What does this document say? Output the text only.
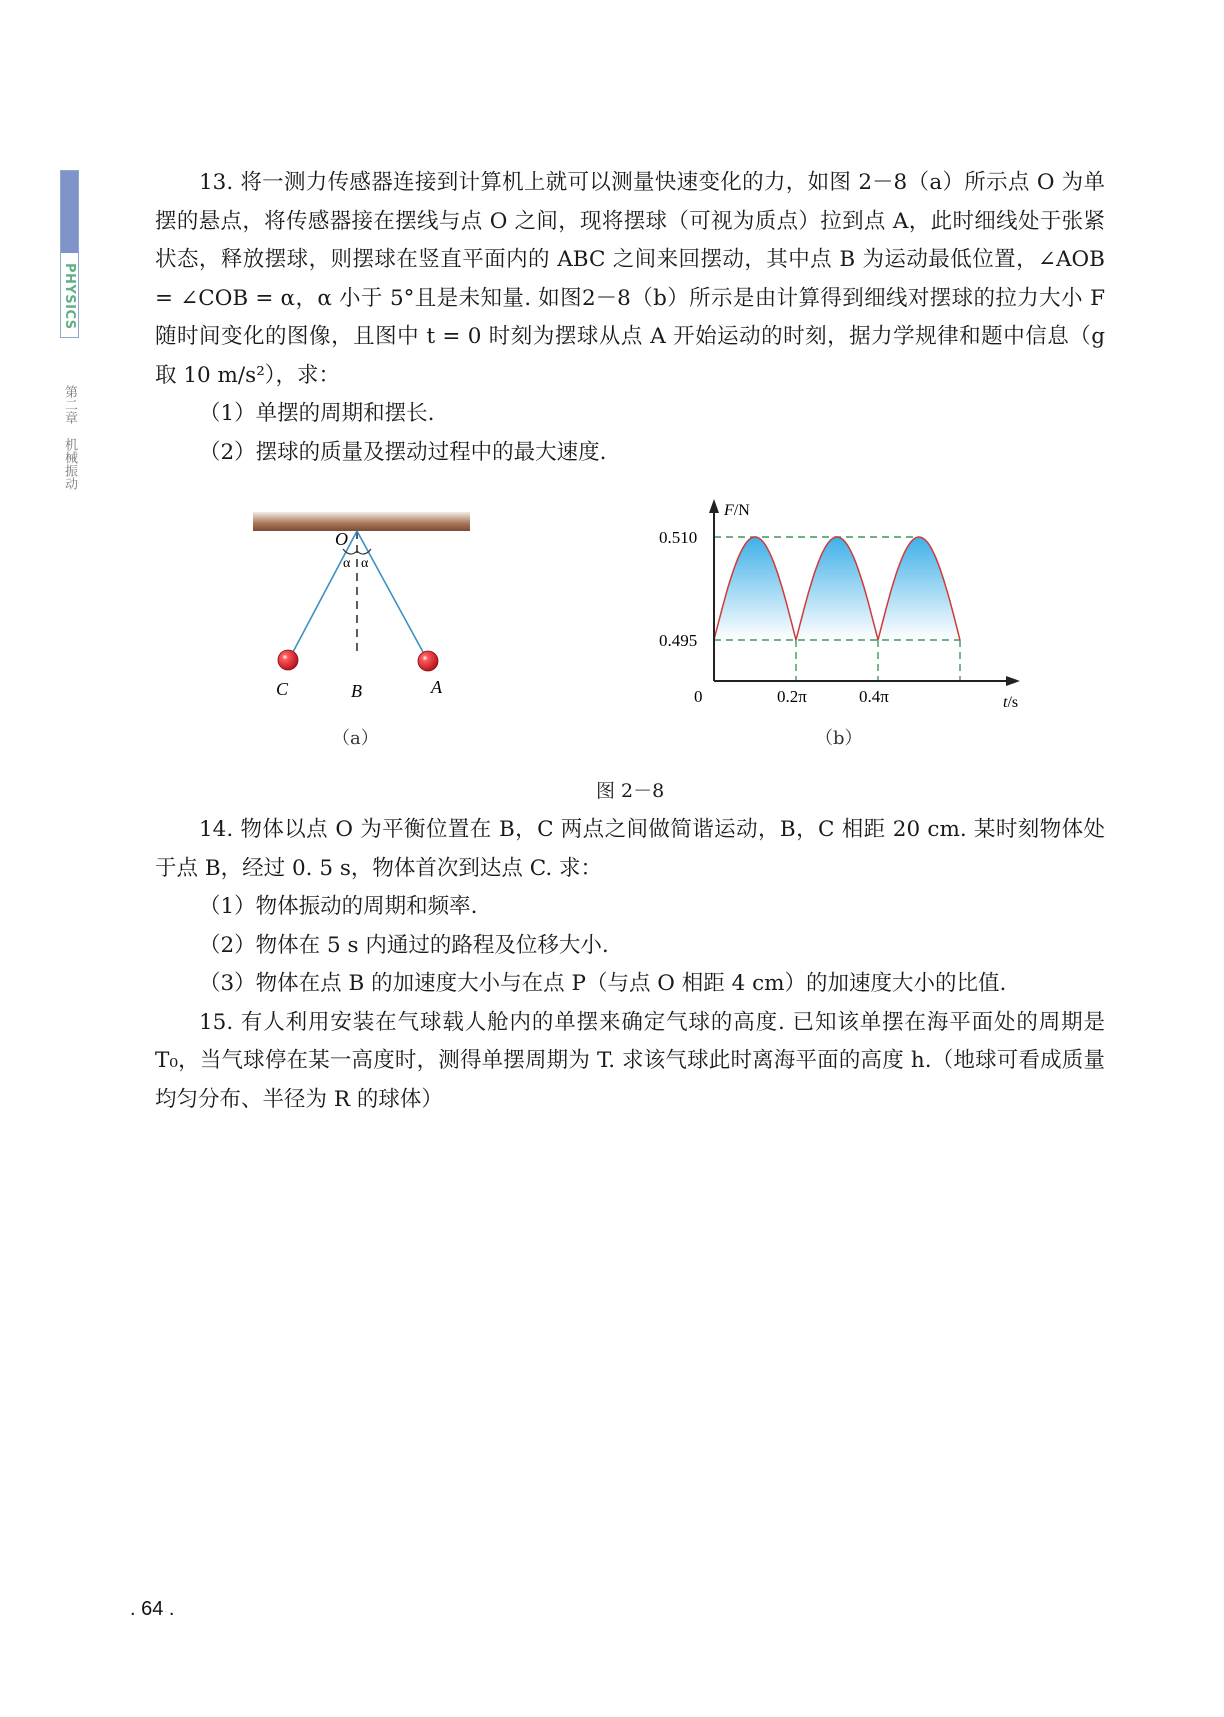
PHYSICS
第二章机械振动

13. 将一测力传感器连接到计算机上就可以测量快速变化的力，如图 2－8（a）所示点 O 为单摆的悬点，将传感器接在摆线与点 O 之间，现将摆球（可视为质点）拉到点 A，此时细线处于张紧状态，释放摆球，则摆球在竖直平面内的 ABC 之间来回摆动，其中点 B 为运动最低位置，∠AOB = ∠COB = α，α 小于 5°且是未知量. 如图2－8（b）所示是由计算得到细线对摆球的拉力大小 F 随时间变化的图像，且图中 t = 0 时刻为摆球从点 A 开始运动的时刻，据力学规律和题中信息（g 取 10 m/s²），求：

（1）单摆的周期和摆长.

（2）摆球的质量及摆动过程中的最大速度.

O
α α
C	B	A
（a）
F/N
t/s
0.510
0.495
0	0.2π	0.4π
（b）
图 2－8

14. 物体以点 O 为平衡位置在 B，C 两点之间做简谐运动，B，C 相距 20 cm. 某时刻物体处于点 B，经过 0. 5 s，物体首次到达点 C. 求：

（1）物体振动的周期和频率.

（2）物体在 5 s 内通过的路程及位移大小.

（3）物体在点 B 的加速度大小与在点 P（与点 O 相距 4 cm）的加速度大小的比值.

15. 有人利用安装在气球载人舱内的单摆来确定气球的高度. 已知该单摆在海平面处的周期是 T₀，当气球停在某一高度时，测得单摆周期为 T. 求该气球此时离海平面的高度 h.（地球可看成质量均匀分布、半径为 R 的球体）

. 64 .
